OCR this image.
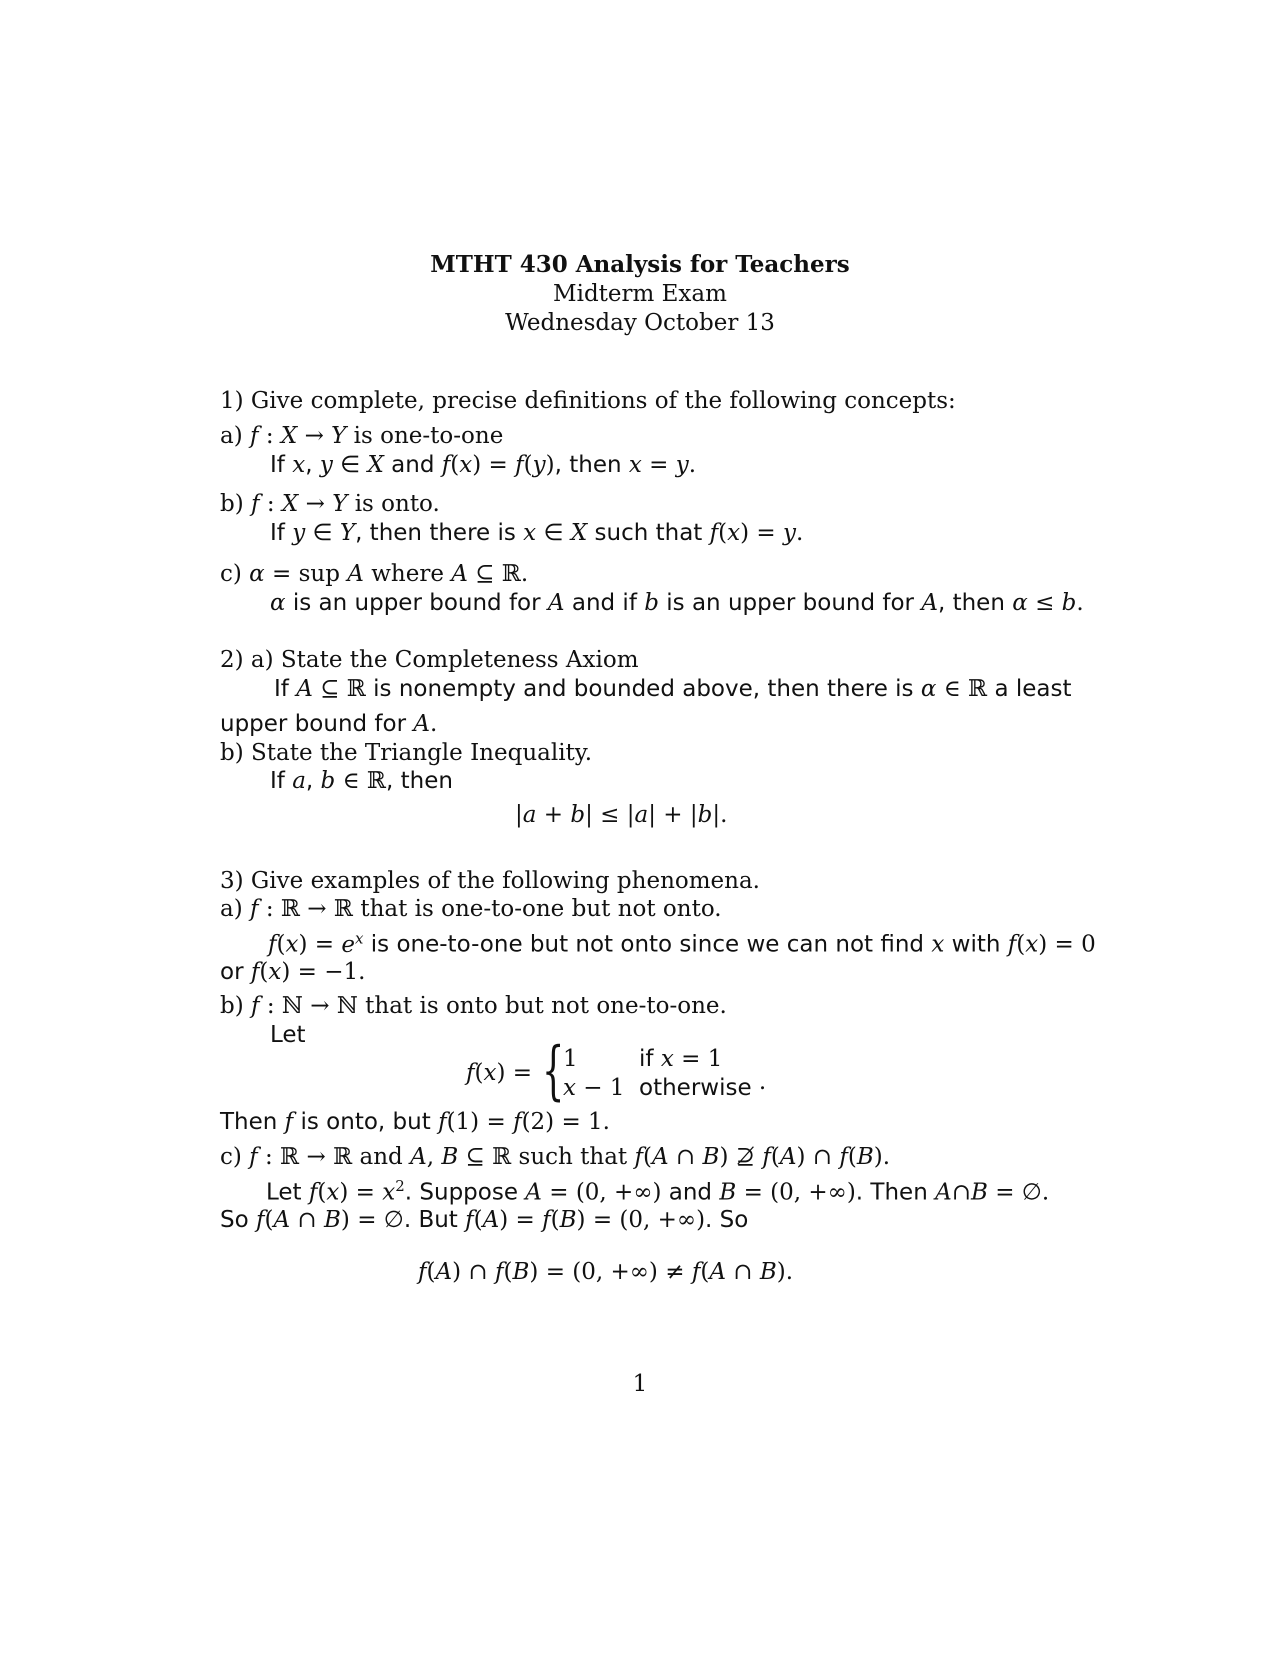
MTHT 430 Analysis for Teachers
Midterm Exam
Wednesday October 13
1) Give complete, precise definitions of the following concepts:
a) f : X → Y is one-to-one
If x, y ∈ X and f(x) = f(y), then x = y.
b) f : X → Y is onto.
If y ∈ Y, then there is x ∈ X such that f(x) = y.
c) α = sup A where A ⊆ ℝ.
α is an upper bound for A and if b is an upper bound for A, then α ≤ b.
2) a) State the Completeness Axiom
If A ⊆ ℝ is nonempty and bounded above, then there is α ∈ ℝ a least
upper bound for A.
b) State the Triangle Inequality.
If a, b ∈ ℝ, then
|a + b| ≤ |a| + |b|.
3) Give examples of the following phenomena.
a) f : ℝ → ℝ that is one-to-one but not onto.
$f(x) = e^x$ is one-to-one but not onto since we can not find x with f(x) = 0
or f(x) = −1.
b) f : ℕ → ℕ that is onto but not one-to-one.
Let
f(x) = {
1	if x = 1
x − 1 otherwise .
Then f is onto, but f(1) = f(2) = 1.
c) f : ℝ → ℝ and A, B ⊆ ℝ such that f(A ∩ B) ⊉ f(A) ∩ f(B).
Let $f(x) = x^2$. Suppose A = (0, +∞) and B = (0, +∞). Then A∩B = ∅.
So f(A ∩ B) = ∅. But f(A) = f(B) = (0, +∞). So
f(A) ∩ f(B) = (0, +∞) ≠ f(A ∩ B).
1
